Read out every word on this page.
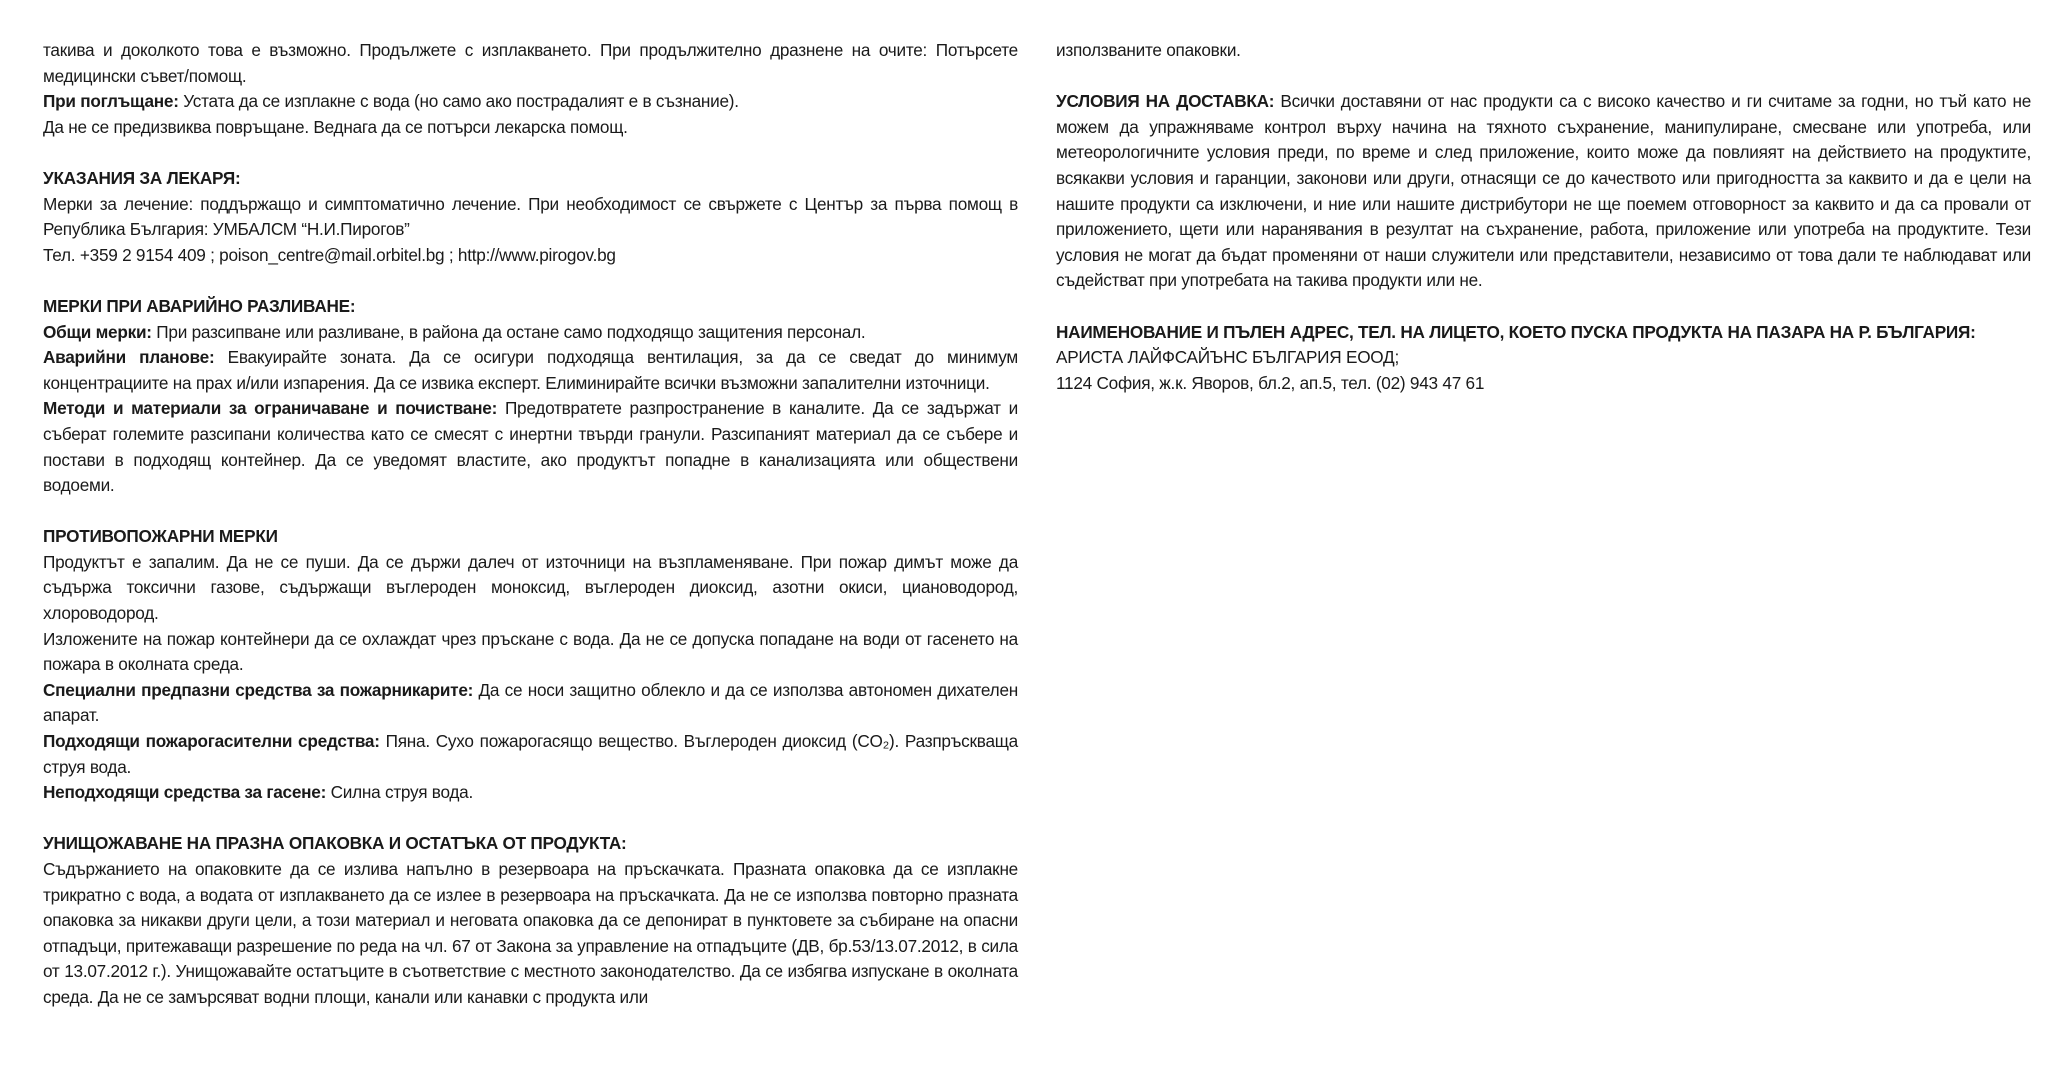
такива и доколкото това е възможно. Продължете с изплакването. При продължително дразнене на очите: Потърсете медицински съвет/помощ.

При поглъщане: Устата да се изплакне с вода (но само ако пострадалият е в съзнание).

Да не се предизвиква повръщане. Веднага да се потърси лекарска помощ.

УКАЗАНИЯ ЗА ЛЕКАРЯ:

Мерки за лечение: поддържащо и симптоматично лечение. При необходимост се свържете с Център за първа помощ в Република България: УМБАЛСМ “Н.И.Пирогов”

Тел. +359 2 9154 409 ; poison_centre@mail.orbitel.bg ; http://www.pirogov.bg

МЕРКИ ПРИ АВАРИЙНО РАЗЛИВАНЕ:

Общи мерки: При разсипване или разливане, в района да остане само подходящо защитения персонал.

Аварийни планове: Евакуирайте зоната. Да се осигури подходяща вентилация, за да се сведат до минимум концентрациите на прах и/или изпарения. Да се извика експерт. Елиминирайте всички възможни запалителни източници.

Методи и материали за ограничаване и почистване: Предотвратете разпространение в каналите. Да се задържат и съберат големите разсипани количества като се смесят с инертни твърди гранули. Разсипаният материал да се събере и постави в подходящ контейнер. Да се уведомят властите, ако продуктът попадне в канализацията или обществени водоеми.

ПРОТИВОПОЖАРНИ МЕРКИ

Продуктът е запалим. Да не се пуши. Да се държи далеч от източници на възпламеняване. При пожар димът може да съдържа токсични газове, съдържащи въглероден моноксид, въглероден диоксид, азотни окиси, циановодород, хлороводород.

Изложените на пожар контейнери да се охлаждат чрез пръскане с вода. Да не се допуска попадане на води от гасенето на пожара в околната среда.

Специални предпазни средства за пожарникарите: Да се носи защитно облекло и да се използва автономен дихателен апарат.

Подходящи пожарогасителни средства: Пяна. Сухо пожарогасящо вещество. Въглероден диоксид (CO₂). Разпръскваща струя вода.

Неподходящи средства за гасене: Силна струя вода.

УНИЩОЖАВАНЕ НА ПРАЗНА ОПАКОВКА И ОСТАТЪКА ОТ ПРОДУКТА:

Съдържанието на опаковките да се излива напълно в резервоара на пръскачката. Празната опаковка да се изплакне трикратно с вода, а водата от изплакването да се излее в резервоара на пръскачката. Да не се използва повторно празната опаковка за никакви други цели, а този материал и неговата опаковка да се депонират в пунктовете за събиране на опасни отпадъци, притежаващи разрешение по реда на чл. 67 от Закона за управление на отпадъците (ДВ, бр.53/13.07.2012, в сила от 13.07.2012 г.). Унищожавайте остатъците в съответствие с местното законодателство. Да се избягва изпускане в околната среда. Да не се замърсяват водни площи, канали или канавки с продукта или

използваните опаковки.

УСЛОВИЯ НА ДОСТАВКА: Всички доставяни от нас продукти са с високо качество и ги считаме за годни, но тъй като не можем да упражняваме контрол върху начина на тяхното съхранение, манипулиране, смесване или употреба, или метеорологичните условия преди, по време и след приложение, които може да повлияят на действието на продуктите, всякакви условия и гаранции, законови или други, отнасящи се до качеството или пригодността за каквито и да е цели на нашите продукти са изключени, и ние или нашите дистрибутори не ще поемем отговорност за каквито и да са провали от приложението, щети или наранявания в резултат на съхранение, работа, приложение или употреба на продуктите. Тези условия не могат да бъдат променяни от наши служители или представители, независимо от това дали те наблюдават или съдействат при употребата на такива продукти или не.

НАИМЕНОВАНИЕ И ПЪЛЕН АДРЕС, ТЕЛ. НА ЛИЦЕТО, КОЕТО ПУСКА ПРОДУКТА НА ПАЗАРА НА Р. БЪЛГАРИЯ:

АРИСТА ЛАЙФСАЙЪНС БЪЛГАРИЯ ЕООД;

1124 София, ж.к. Яворов, бл.2, ап.5, тел. (02) 943 47 61
